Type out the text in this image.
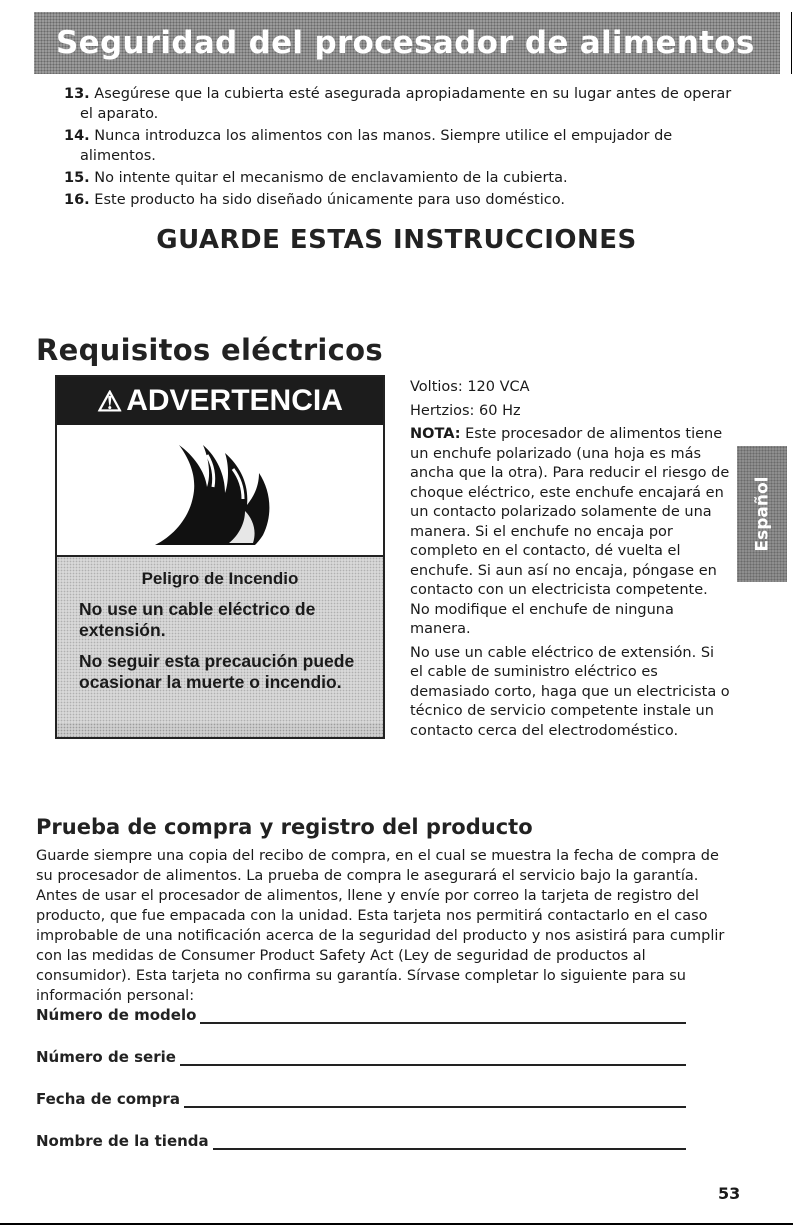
Seguridad del procesador de alimentos
13. Asegúrese que la cubierta esté asegurada apropiadamente en su lugar antes de operar
el aparato.
14. Nunca introduzca los alimentos con las manos. Siempre utilice el empujador de
alimentos.
15. No intente quitar el mecanismo de enclavamiento de la cubierta.
16. Este producto ha sido diseñado únicamente para uso doméstico.
GUARDE ESTAS INSTRUCCIONES
Requisitos eléctricos
⚠ ADVERTENCIA
Peligro de Incendio
No use un cable eléctrico de extensión.
No seguir esta precaución puede ocasionar la muerte o incendio.

Voltios: 120 VCA

Hertzios: 60 Hz

NOTA: Este procesador de alimentos tiene un enchufe polarizado (una hoja es más ancha que la otra). Para reducir el riesgo de choque eléctrico, este enchufe encajará en un contacto polarizado solamente de una manera. Si el enchufe no encaja por completo en el contacto, dé vuelta el enchufe. Si aun así no encaja, póngase en contacto con un electricista competente. No modifique el enchufe de ninguna manera.

No use un cable eléctrico de extensión. Si el cable de suministro eléctrico es demasiado corto, haga que un electricista o técnico de servicio competente instale un contacto cerca del electrodoméstico.

Español
Prueba de compra y registro del producto
Guarde siempre una copia del recibo de compra, en el cual se muestra la fecha de compra de su procesador de alimentos. La prueba de compra le asegurará el servicio bajo la garantía. Antes de usar el procesador de alimentos, llene y envíe por correo la tarjeta de registro del producto, que fue empacada con la unidad. Esta tarjeta nos permitirá contactarlo en el caso improbable de una notificación acerca de la seguridad del producto y nos asistirá para cumplir con las medidas de Consumer Product Safety Act (Ley de seguridad de productos al consumidor). Esta tarjeta no confirma su garantía. Sírvase completar lo siguiente para su información personal:
Número de modelo
Número de serie
Fecha de compra
Nombre de la tienda
53
